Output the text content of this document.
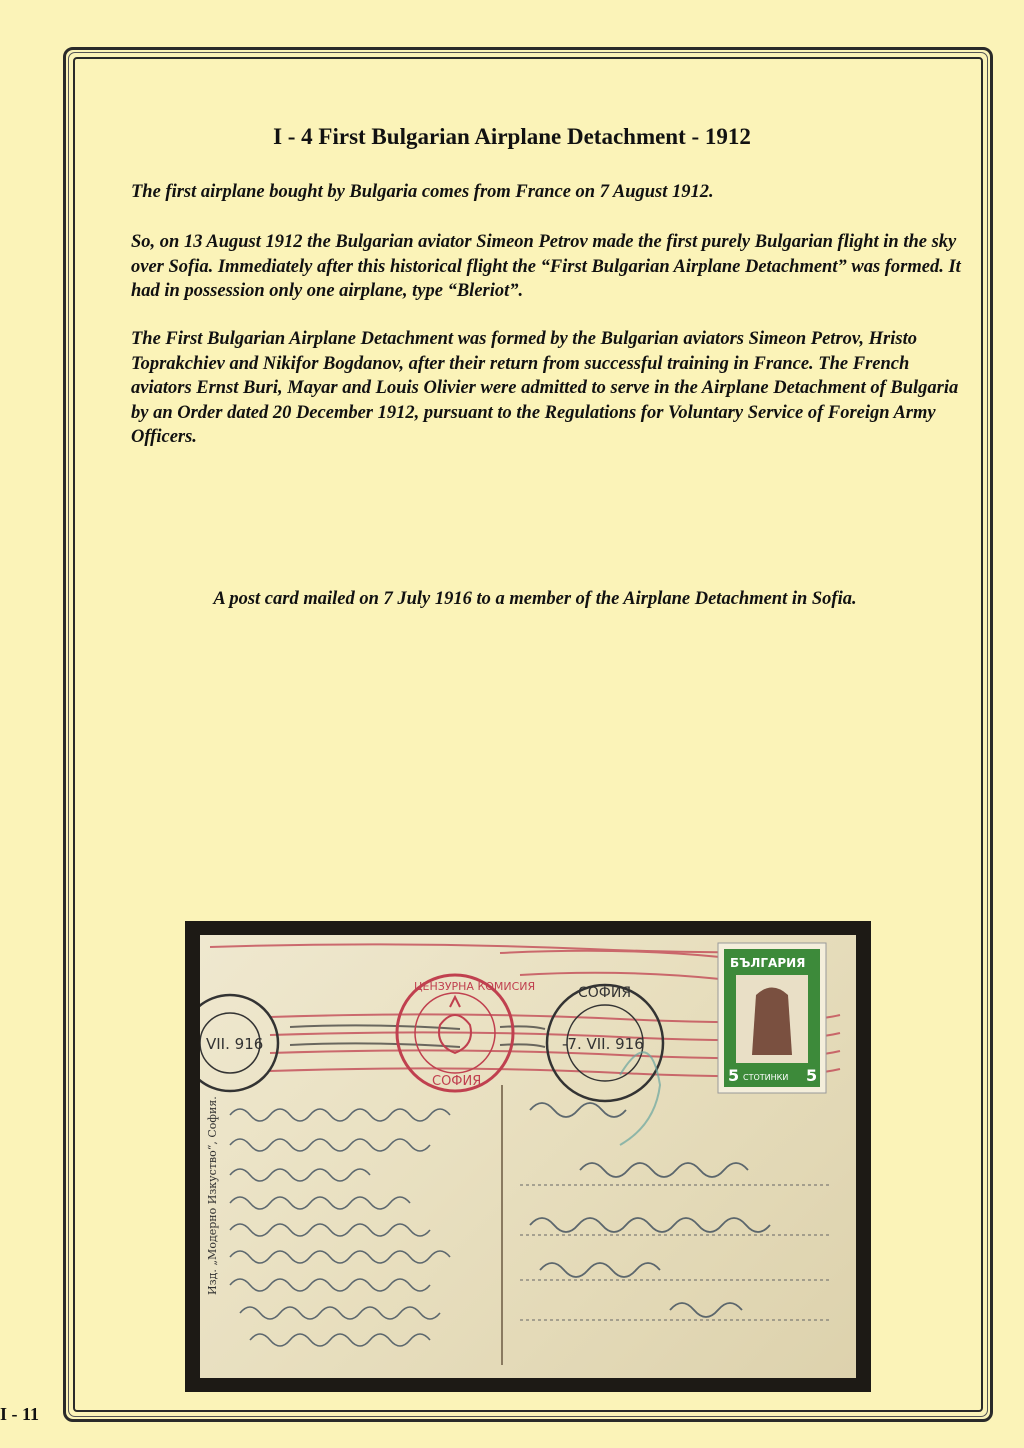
I - 4 First Bulgarian Airplane Detachment - 1912
The first airplane bought by Bulgaria comes from France on 7 August 1912.
So, on 13 August 1912 the Bulgarian aviator Simeon Petrov made the first purely Bulgarian flight in the sky over Sofia. Immediately after this historical flight the “First Bulgarian Airplane Detachment” was formed. It had in possession only one airplane, type “Bleriot”.
The First Bulgarian Airplane Detachment was formed by the Bulgarian aviators Simeon Petrov, Hristo Toprakchiev and Nikifor Bogdanov, after their return from successful training in France. The French aviators Ernst Buri, Mayar and Louis Olivier were admitted to serve in the Airplane Detachment of Bulgaria by an Order dated 20 December 1912, pursuant to the Regulations for Voluntary Service of Foreign Army Officers.
A post card mailed on 7 July 1916 to a member of the Airplane Detachment in Sofia.
VII. 916
ЦЕНЗУРНА КОМИСИЯ
СОФИЯ
СОФИЯ
-7. VII. 916
БЪЛГАРИЯ
5	5
СТОТИНКИ
Изд. „Модерно Изкуство“, София.
I - 11
